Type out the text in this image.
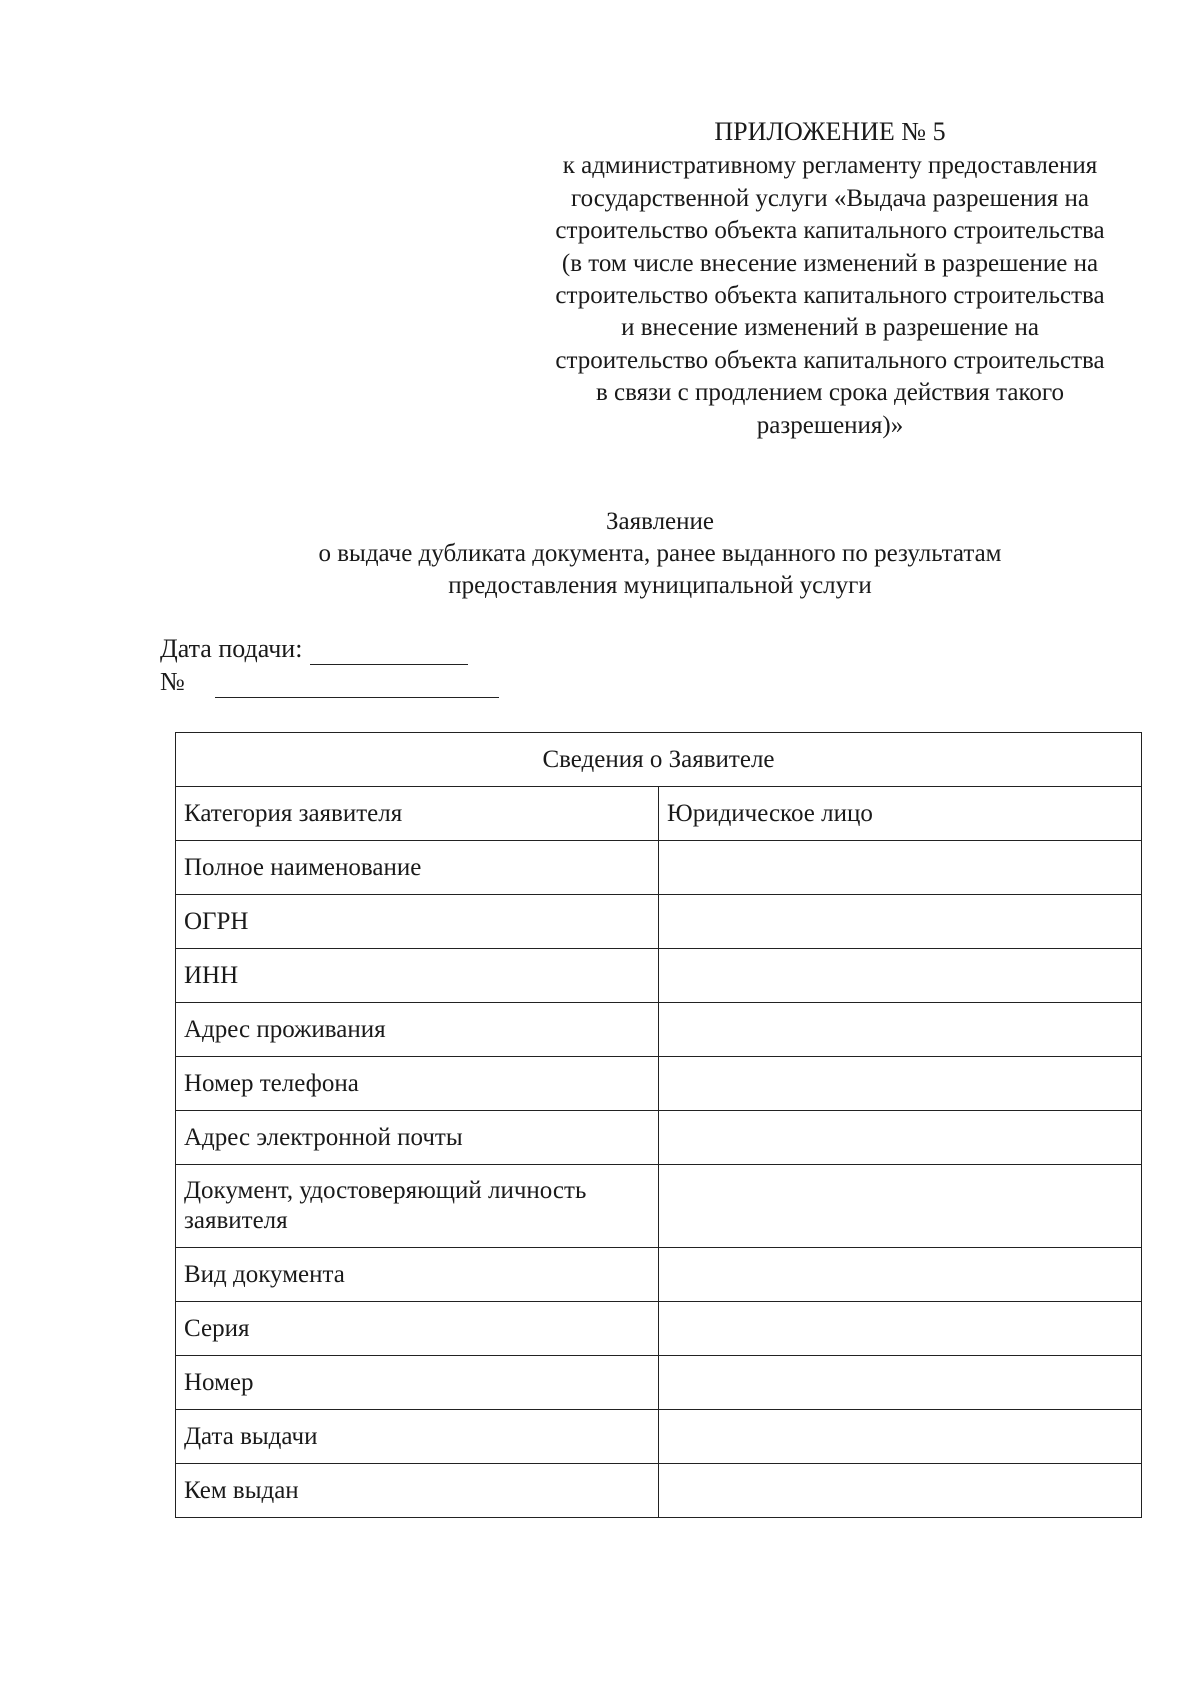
ПРИЛОЖЕНИЕ № 5
к административному регламенту предоставления
государственной услуги «Выдача разрешения на
строительство объекта капитального строительства
(в том числе внесение изменений в разрешение на
строительство объекта капитального строительства
и внесение изменений в разрешение на
строительство объекта капитального строительства
в связи с продлением срока действия такого
разрешения)»
Заявление
о выдаче дубликата документа, ранее выданного по результатам
предоставления муниципальной услуги
Дата подачи:
№
Сведения о Заявителе	
Категория заявителя	Юридическое лицо
Полное наименование	
ОГРН	
ИНН	
Адрес проживания	
Номер телефона	
Адрес электронной почты	
Документ, удостоверяющий личность заявителя	
Вид документа	
Серия	
Номер	
Дата выдачи	
Кем выдан	
